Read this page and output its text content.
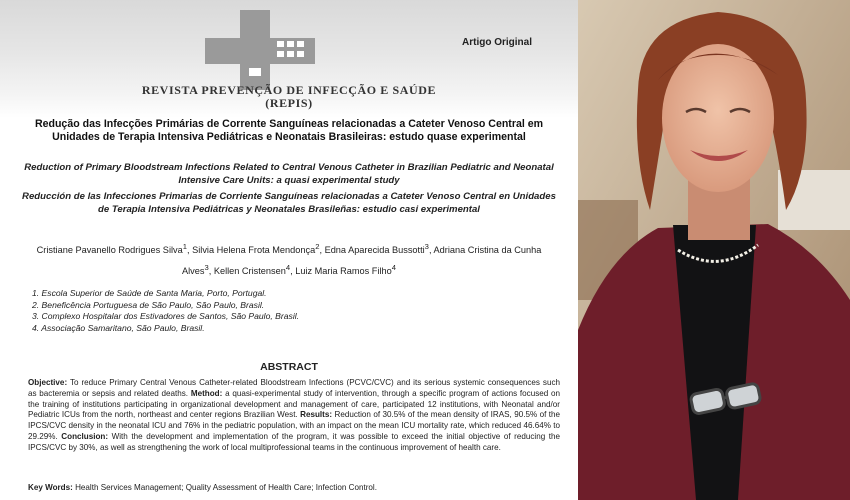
Artigo Original
REVISTA PREVENÇÃO DE INFECÇÃO E SAÚDE
(REPIS)
Redução das Infecções Primárias de Corrente Sanguíneas relacionadas a Cateter Venoso Central em Unidades de Terapia Intensiva Pediátricas e Neonatais Brasileiras: estudo quase experimental
Reduction of Primary Bloodstream Infections Related to Central Venous Catheter in Brazilian Pediatric and Neonatal Intensive Care Units: a quasi experimental study
Reducción de las Infecciones Primarias de Corriente Sanguíneas relacionadas a Cateter Venoso Central en Unidades de Terapia Intensiva Pediátricas y Neonatales Brasileñas: estudio casi experimental
Cristiane Pavanello Rodrigues Silva$^1$, Silvia Helena Frota Mendonça$^2$, Edna Aparecida Bussotti$^3$, Adriana Cristina da Cunha Alves$^3$, Kellen Cristensen$^4$, Luiz Maria Ramos Filho$^4$
1. Escola Superior de Saúde de Santa Maria, Porto, Portugal.
2. Beneficência Portuguesa de São Paulo, São Paulo, Brasil.
3. Complexo Hospitalar dos Estivadores de Santos, São Paulo, Brasil.
4. Associação Samaritano, São Paulo, Brasil.
ABSTRACT
Objective: To reduce Primary Central Venous Catheter-related Bloodstream Infections (PCVC/CVC) and its serious systemic consequences such as bacteremia or sepsis and related deaths. Method: a quasi-experimental study of intervention, through a specific program of actions focused on the training of institutions participating in organizational development and management of care, participated 12 institutions, with Neonatal and/or Pediatric ICUs from the north, northeast and center regions Brazilian West. Results: Reduction of 30.5% of the mean density of IRAS, 90.5% of the IPCS/CVC density in the neonatal ICU and 76% in the pediatric population, with an impact on the mean ICU mortality rate, which reduced 46.64% to 29.29%. Conclusion: With the development and implementation of the program, it was possible to exceed the initial objective of reducing the IPCS/CVC by 30%, as well as strengthening the work of local multiprofessional teams in the continuous improvement of health care.
Key Words: Health Services Management; Quality Assessment of Health Care; Infection Control.
